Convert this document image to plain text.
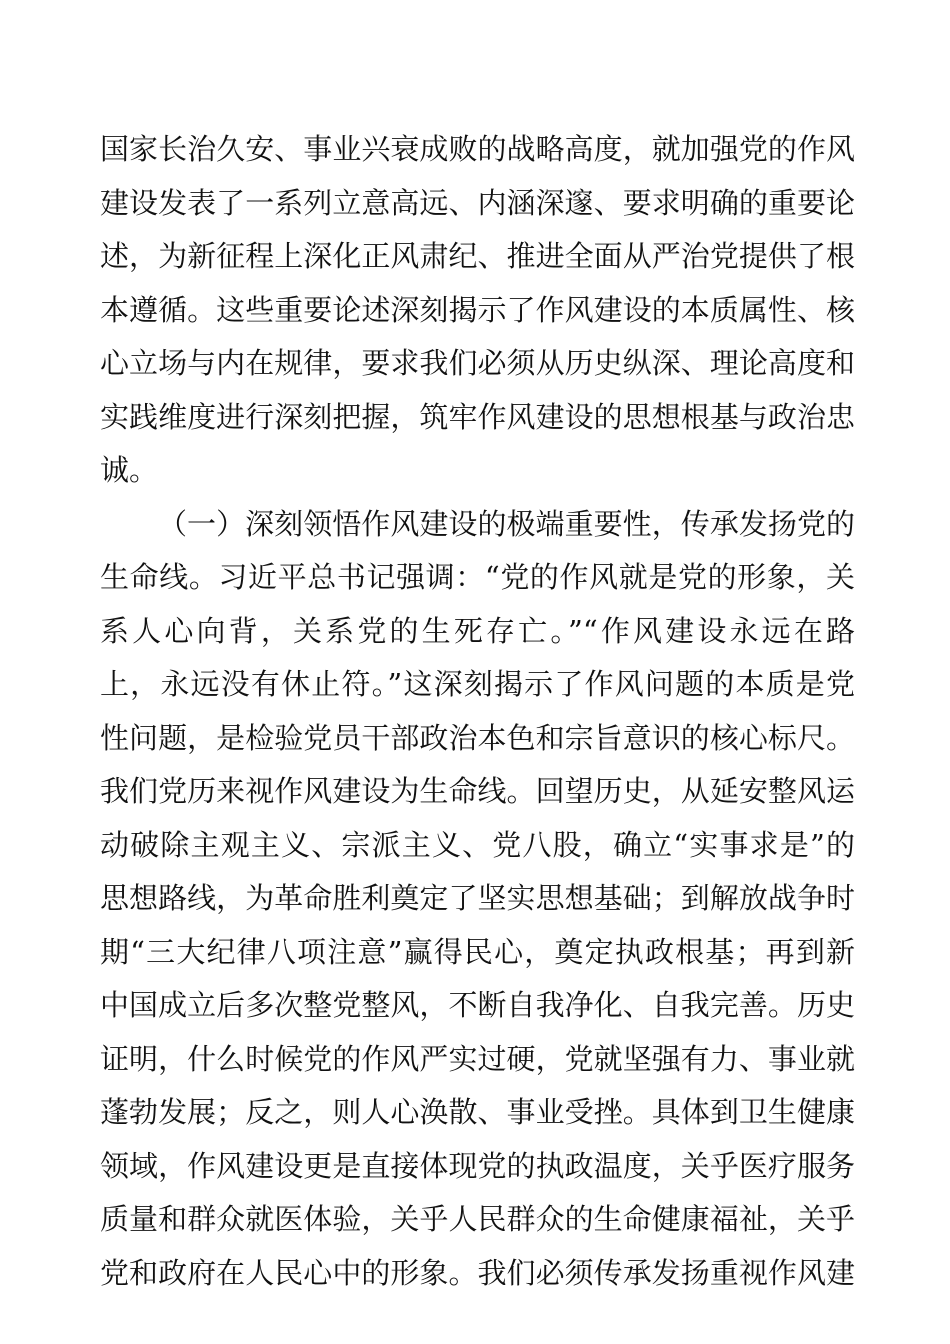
国家长治久安、事业兴衰成败的战略高度，就加强党的作风
建设发表了一系列立意高远、内涵深邃、要求明确的重要论
述，为新征程上深化正风肃纪、推进全面从严治党提供了根
本遵循。这些重要论述深刻揭示了作风建设的本质属性、核
心立场与内在规律，要求我们必须从历史纵深、理论高度和
实践维度进行深刻把握，筑牢作风建设的思想根基与政治忠
诚。
（一）深刻领悟作风建设的极端重要性，传承发扬党的
生命线。习近平总书记强调：“党的作风就是党的形象，关
系人心向背，关系党的生死存亡。”“作风建设永远在路
上，永远没有休止符。”这深刻揭示了作风问题的本质是党
性问题，是检验党员干部政治本色和宗旨意识的核心标尺。
我们党历来视作风建设为生命线。回望历史，从延安整风运
动破除主观主义、宗派主义、党八股，确立“实事求是”的
思想路线，为革命胜利奠定了坚实思想基础；到解放战争时
期“三大纪律八项注意”赢得民心，奠定执政根基；再到新
中国成立后多次整党整风，不断自我净化、自我完善。历史
证明，什么时候党的作风严实过硬，党就坚强有力、事业就
蓬勃发展；反之，则人心涣散、事业受挫。具体到卫生健康
领域，作风建设更是直接体现党的执政温度，关乎医疗服务
质量和群众就医体验，关乎人民群众的生命健康福祉，关乎
党和政府在人民心中的形象。我们必须传承发扬重视作风建
